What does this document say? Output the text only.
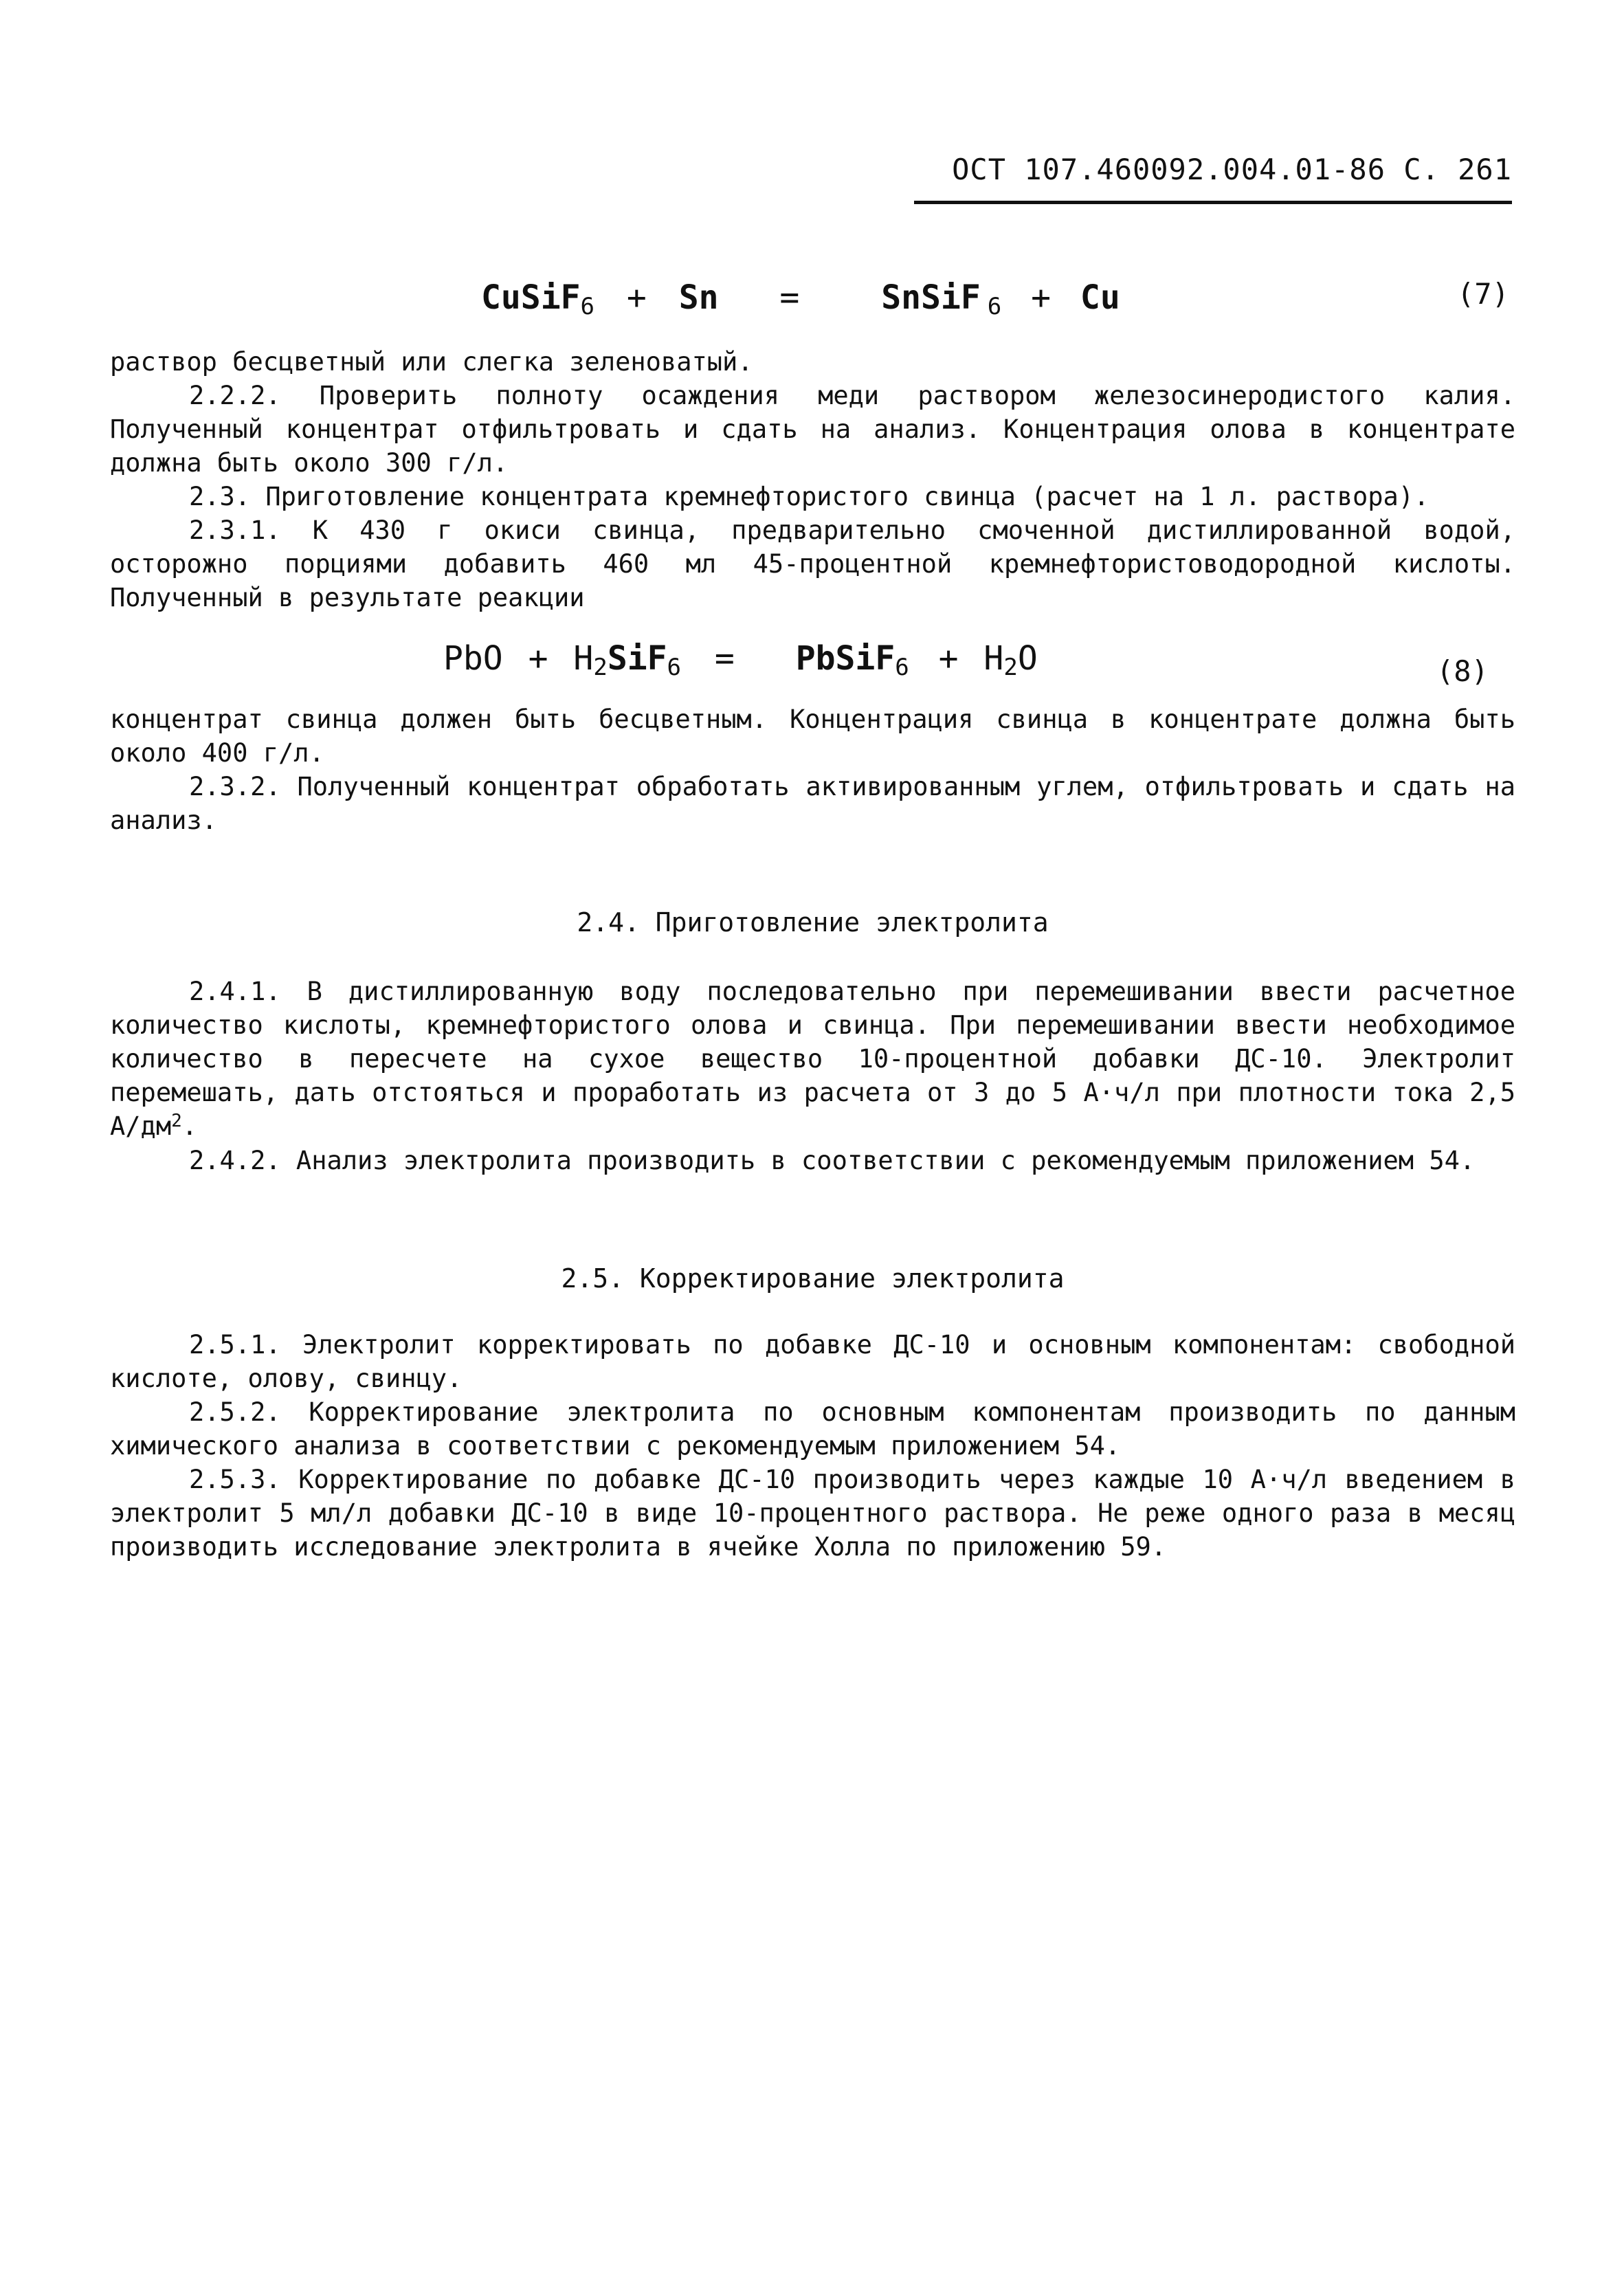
ОСТ 107.460092.004.01-86 С. 261
CuSiF$_6$ + Sn = SnSiF $_6$ + Cu	(7)
раствор бесцветный или слегка зеленоватый.
2.2.2. Проверить полноту осаждения меди раствором железосинеродистого калия. Полученный концентрат отфильтровать и сдать на анализ. Концентрация олова в концентрате должна быть около 300 г/л.
2.3. Приготовление концентрата кремнефтористого свинца (расчет на 1 л. раствора).
2.3.1. К 430 г окиси свинца, предварительно смоченной дистиллированной водой, осторожно порциями добавить 460 мл 45-процентной кремнефтористоводородной кислоты. Полученный в результате реакции
PbO + $H_2SiF_6$ = PbSiF$_6$ + $H_2O$	(8)
концентрат свинца должен быть бесцветным. Концентрация свинца в концентрате должна быть около 400 г/л.
2.3.2. Полученный концентрат обработать активированным углем, отфильтровать и сдать на анализ.
2.4. Приготовление электролита
2.4.1. В дистиллированную воду последовательно при перемешивании ввести расчетное количество кислоты, кремнефтористого олова и свинца. При перемешивании ввести необходимое количество в пересчете на сухое вещество 10-процентной добавки ДС-10. Электролит перемешать, дать отстояться и проработать из расчета от 3 до 5 А·ч/л при плотности тока 2,5 $А/дм^2$.
2.4.2. Анализ электролита производить в соответствии с рекомендуемым приложением 54.
2.5. Корректирование электролита
2.5.1. Электролит корректировать по добавке ДС-10 и основным компонентам: свободной кислоте, олову, свинцу.
2.5.2. Корректирование электролита по основным компонентам производить по данным химического анализа в соответствии с рекомендуемым приложением 54.
2.5.3. Корректирование по добавке ДС-10 производить через каждые 10 А·ч/л введением в электролит 5 мл/л добавки ДС-10 в виде 10-процентного раствора. Не реже одного раза в месяц производить исследование электролита в ячейке Холла по приложению 59.
